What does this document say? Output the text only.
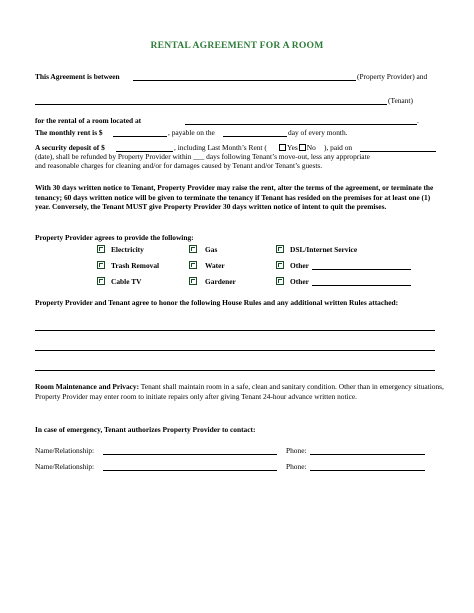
RENTAL AGREEMENT FOR A ROOM
This Agreement is between	(Property Provider) and
(Tenant)
for the rental of a room located at	.
The monthly rent is $	, payable on the	day of every month.
A security deposit of $	, including Last Month’s Rent (	Yes No ), paid on
(date), shall be refunded by Property Provider within ___ days following Tenant’s move-out, less any appropriate
and reasonable charges for cleaning and/or for damages caused by Tenant and/or Tenant’s guests.
With 30 days written notice to Tenant, Property Provider may raise the rent, alter the terms of the agreement, or terminate the tenancy; 60 days written notice will be given to terminate the tenancy if Tenant has resided on the premises for at least one (1) year. Conversely, the Tenant MUST give Property Provider 30 days written notice of intent to quit the premises.
Property Provider agrees to provide the following:
Electricity	Gas	DSL/Internet Service
Trash Removal	Water	Other
Cable TV	Gardener	Other
Property Provider and Tenant agree to honor the following House Rules and any additional written Rules attached:
Room Maintenance and Privacy: Tenant shall maintain room in a safe, clean and sanitary condition. Other than in emergency situations, Property Provider may enter room to initiate repairs only after giving Tenant 24-hour advance written notice.
In case of emergency, Tenant authorizes Property Provider to contact:
Name/Relationship:	Phone:
Name/Relationship:	Phone:
